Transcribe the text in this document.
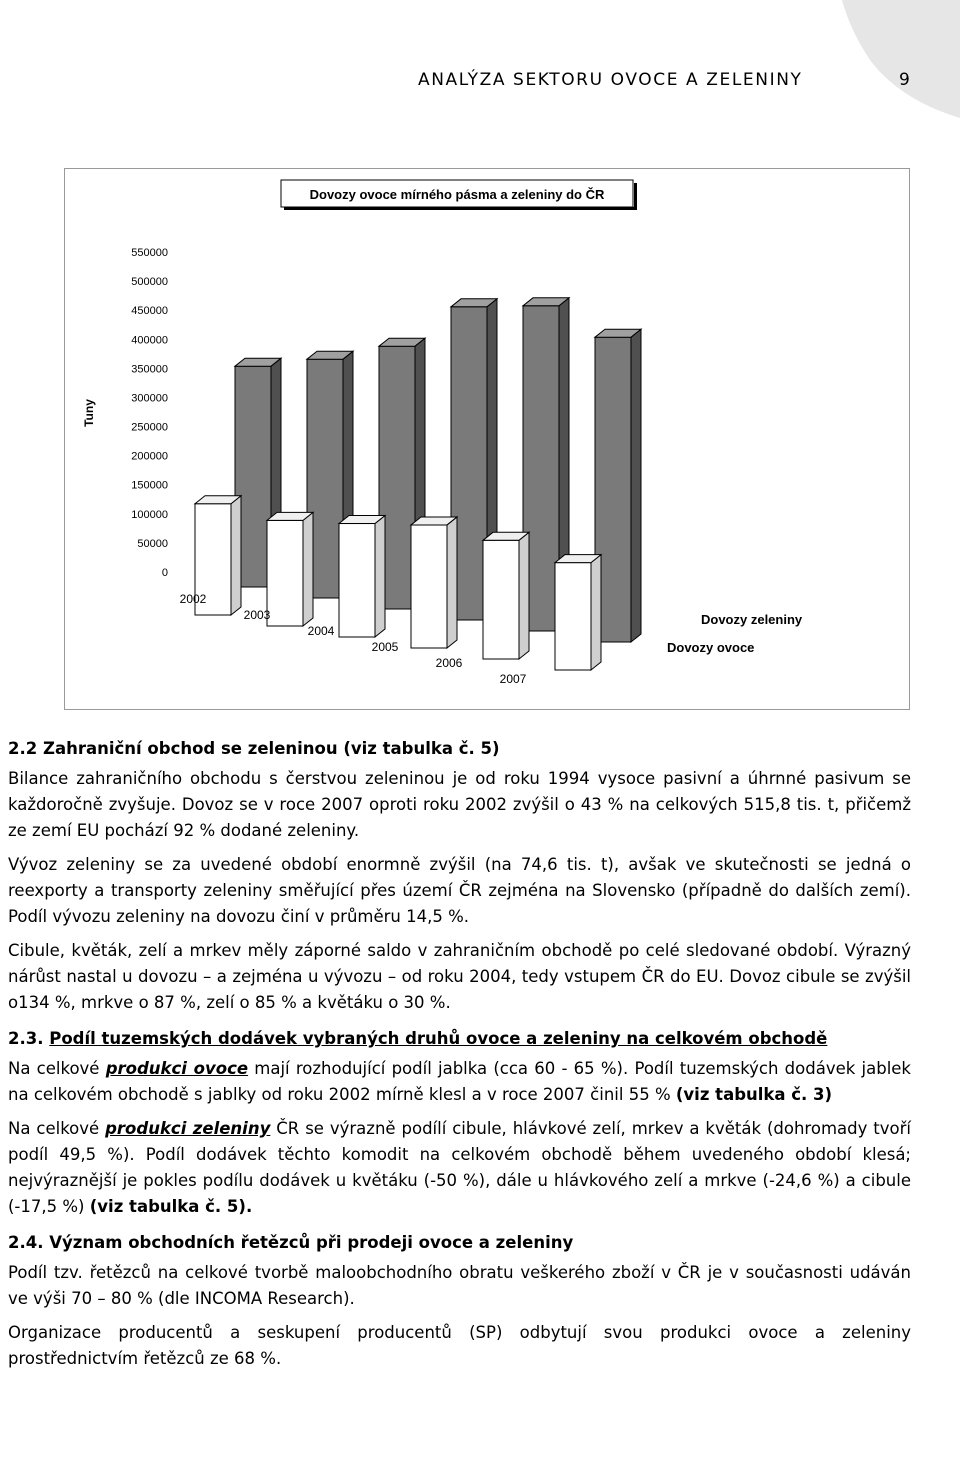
ANALÝZA SEKTORU OVOCE A ZELENINY	9
Dovozy ovoce mírného pásma a zeleniny do ČR
550000
500000
450000
400000
350000
300000
250000
200000
150000
100000
50000
0
Tuny
2002
2003
2004
2005
2006
2007
Dovozy zeleniny
Dovozy ovoce
2.2 Zahraniční obchod se zeleninou (viz tabulka č. 5)

Bilance zahraničního obchodu s čerstvou zeleninou je od roku 1994 vysoce pasivní a úhrnné pasivum se každoročně zvyšuje. Dovoz se v roce 2007 oproti roku 2002 zvýšil o 43 % na celkových 515,8 tis. t, přičemž ze zemí EU pochází 92 % dodané zeleniny.

Vývoz zeleniny se za uvedené období enormně zvýšil (na 74,6 tis. t), avšak ve skutečnosti se jedná o reexporty a transporty zeleniny směřující přes území ČR zejména na Slovensko (případně do dalších zemí). Podíl vývozu zeleniny na dovozu činí v průměru 14,5 %.

Cibule, květák, zelí a mrkev měly záporné saldo v zahraničním obchodě po celé sledované období. Výrazný nárůst nastal u dovozu – a zejména u vývozu – od roku 2004, tedy vstupem ČR do EU. Dovoz cibule se zvýšil o134 %, mrkve o 87 %, zelí o 85 % a květáku o 30 %.

2.3. Podíl tuzemských dodávek vybraných druhů ovoce a zeleniny na celkovém obchodě

Na celkové produkci ovoce mají rozhodující podíl jablka (cca 60 - 65 %). Podíl tuzemských dodávek jablek na celkovém obchodě s jablky od roku 2002 mírně klesl a v roce 2007 činil 55 % (viz tabulka č. 3)

Na celkové produkci zeleniny ČR se výrazně podílí cibule, hlávkové zelí, mrkev a květák (dohromady tvoří podíl 49,5 %). Podíl dodávek těchto komodit na celkovém obchodě během uvedeného období klesá; nejvýraznější je pokles podílu dodávek u květáku (-50 %), dále u hlávkového zelí a mrkve (-24,6 %) a cibule (-17,5 %) (viz tabulka č. 5).

2.4. Význam obchodních řetězců při prodeji ovoce a zeleniny

Podíl tzv. řetězců na celkové tvorbě maloobchodního obratu veškerého zboží v ČR je v současnosti udáván ve výši 70 – 80 % (dle INCOMA Research).

Organizace producentů a seskupení producentů (SP) odbytují svou produkci ovoce a zeleniny prostřednictvím řetězců ze 68 %.
